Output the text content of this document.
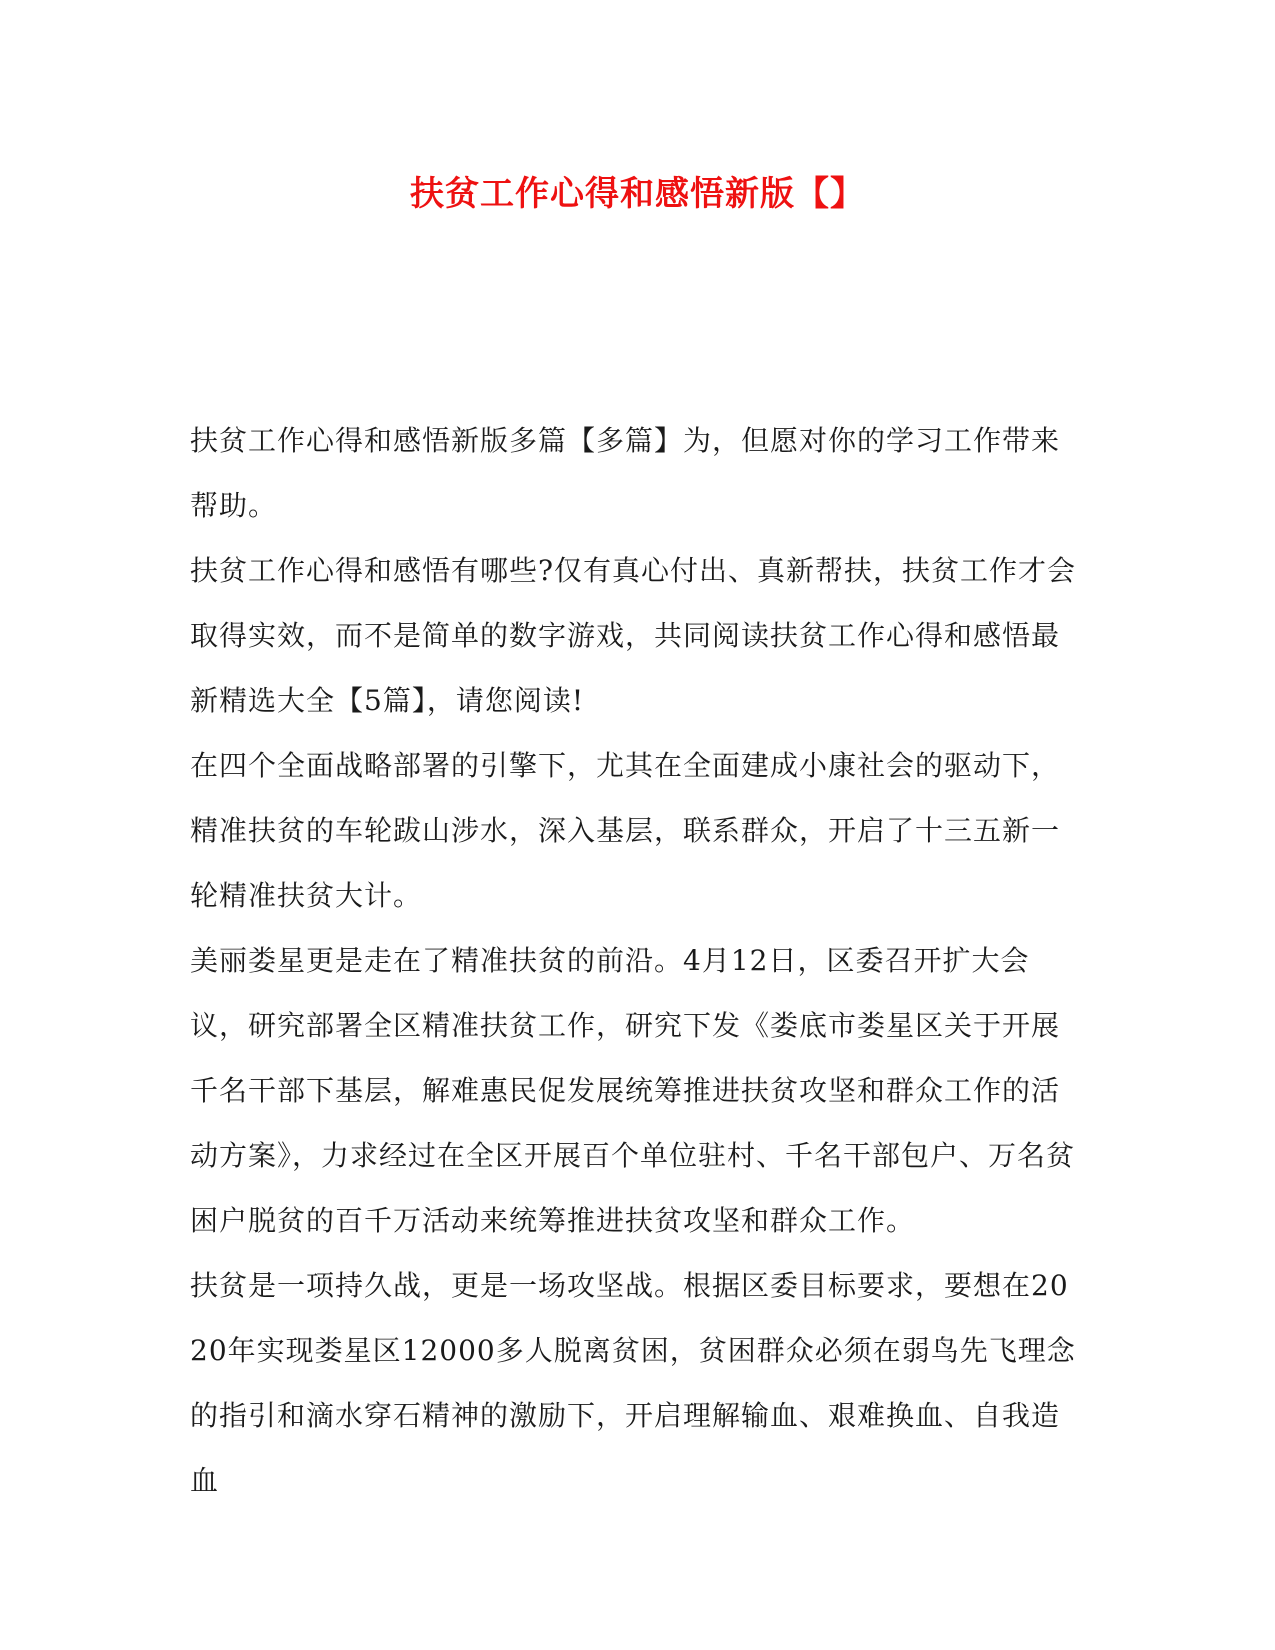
扶贫工作心得和感悟新版【】

扶贫工作心得和感悟新版多篇【多篇】为，但愿对你的学习工作带来帮助。

扶贫工作心得和感悟有哪些?仅有真心付出、真新帮扶，扶贫工作才会取得实效，而不是简单的数字游戏，共同阅读扶贫工作心得和感悟最新精选大全【5篇】，请您阅读!

在四个全面战略部署的引擎下，尤其在全面建成小康社会的驱动下，精准扶贫的车轮跋山涉水，深入基层，联系群众，开启了十三五新一轮精准扶贫大计。

美丽娄星更是走在了精准扶贫的前沿。4月12日，区委召开扩大会议，研究部署全区精准扶贫工作，研究下发《娄底市娄星区关于开展千名干部下基层，解难惠民促发展统筹推进扶贫攻坚和群众工作的活动方案》，力求经过在全区开展百个单位驻村、千名干部包户、万名贫困户脱贫的百千万活动来统筹推进扶贫攻坚和群众工作。

扶贫是一项持久战，更是一场攻坚战。根据区委目标要求，要想在2020年实现娄星区12000多人脱离贫困，贫困群众必须在弱鸟先飞理念的指引和滴水穿石精神的激励下，开启理解输血、艰难换血、自我造血
